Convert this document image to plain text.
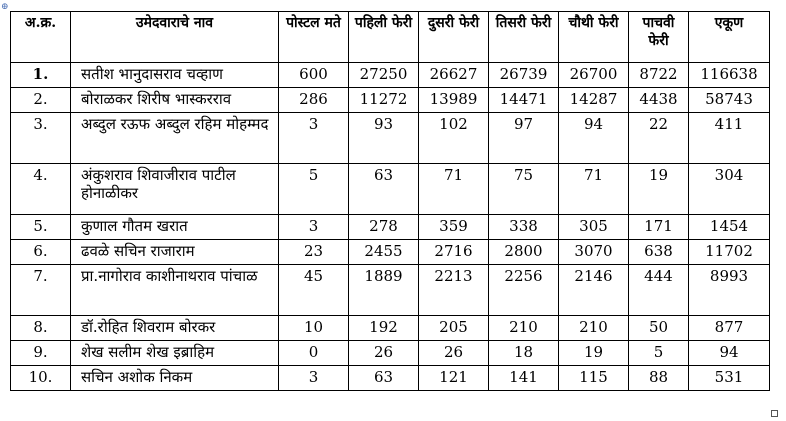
⊕
अ.क्र.	उमेदवाराचे नाव	पोस्टल मते	पहिली फेरी	दुसरी फेरी	तिसरी फेरी	चौथी फेरी	पाचवी फेरी	एकूण
1.	सतीश भानुदासराव चव्हाण	600	27250	26627	26739	26700	8722	116638
2.	बोराळकर शिरीष भास्करराव	286	11272	13989	14471	14287	4438	58743
3.	अब्दुल रऊफ अब्दुल रहिम मोहम्मद	3	93	102	97	94	22	411
4.	अंकुशराव शिवाजीराव पाटील होनाळीकर	5	63	71	75	71	19	304
5.	कुणाल गौतम खरात	3	278	359	338	305	171	1454
6.	ढवळे सचिन राजाराम	23	2455	2716	2800	3070	638	11702
7.	प्रा.नागोराव काशीनाथराव पांचाळ	45	1889	2213	2256	2146	444	8993
8.	डॉ.रोहित शिवराम बोरकर	10	192	205	210	210	50	877
9.	शेख सलीम शेख इब्राहिम	0	26	26	18	19	5	94
10.	सचिन अशोक निकम	3	63	121	141	115	88	531
